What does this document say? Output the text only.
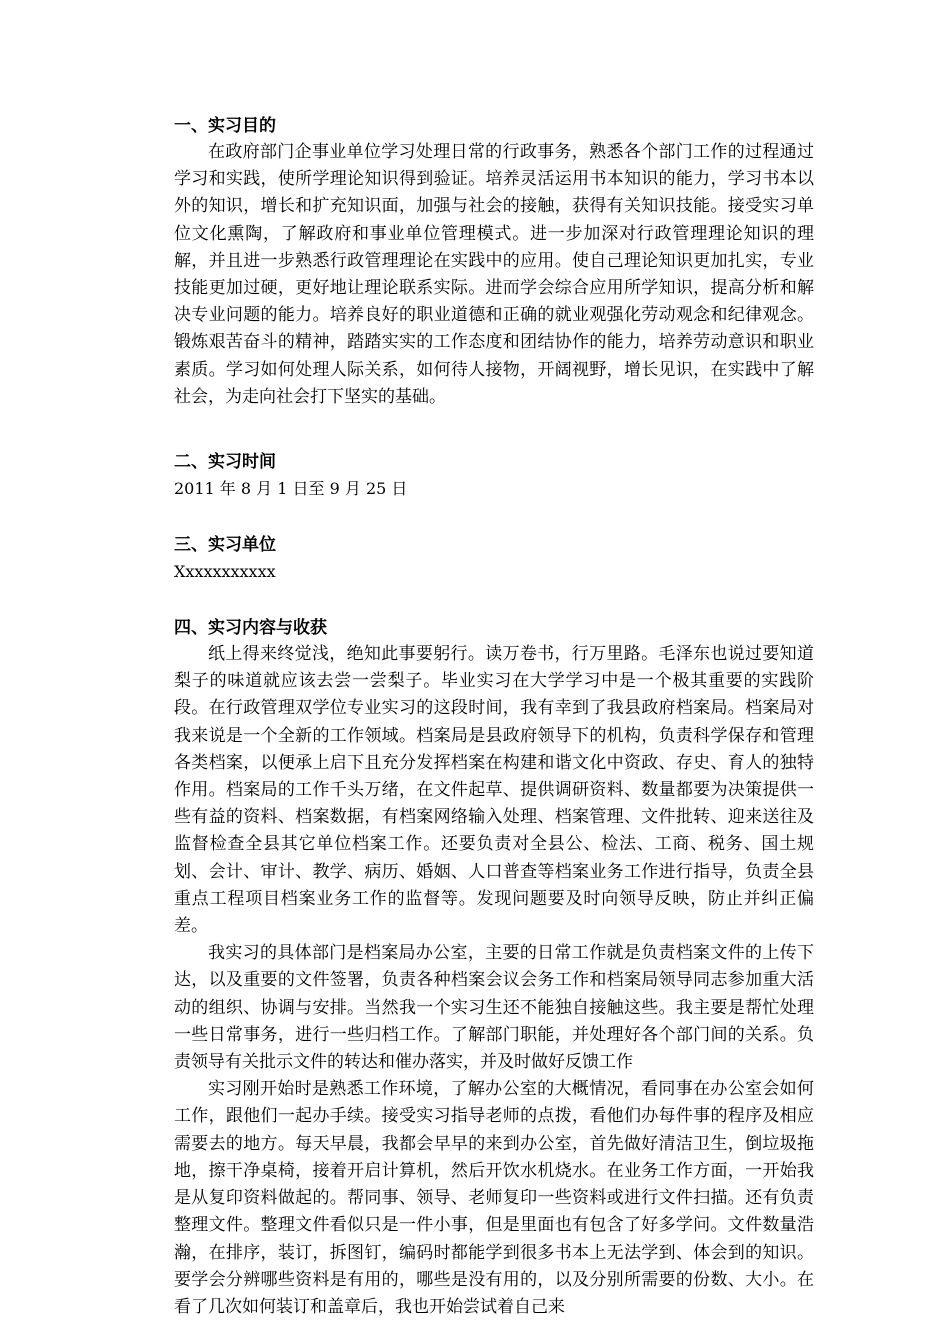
一、实习目的

在政府部门企事业单位学习处理日常的行政事务，熟悉各个部门工作的过程通过学习和实践，使所学理论知识得到验证。培养灵活运用书本知识的能力，学习书本以外的知识，增长和扩充知识面，加强与社会的接触，获得有关知识技能。接受实习单位文化熏陶，了解政府和事业单位管理模式。进一步加深对行政管理理论知识的理解，并且进一步熟悉行政管理理论在实践中的应用。使自己理论知识更加扎实，专业技能更加过硬，更好地让理论联系实际。进而学会综合应用所学知识，提高分析和解决专业问题的能力。培养良好的职业道德和正确的就业观强化劳动观念和纪律观念。锻炼艰苦奋斗的精神，踏踏实实的工作态度和团结协作的能力，培养劳动意识和职业素质。学习如何处理人际关系，如何待人接物，开阔视野，增长见识，在实践中了解社会，为走向社会打下坚实的基础。

二、实习时间

2011 年 8 月 1 日至 9 月 25 日

三、实习单位

Xxxxxxxxxxx

四、实习内容与收获

纸上得来终觉浅，绝知此事要躬行。读万卷书，行万里路。毛泽东也说过要知道梨子的味道就应该去尝一尝梨子。毕业实习在大学学习中是一个极其重要的实践阶段。在行政管理双学位专业实习的这段时间，我有幸到了我县政府档案局。档案局对我来说是一个全新的工作领域。档案局是县政府领导下的机构，负责科学保存和管理各类档案，以便承上启下且充分发挥档案在构建和谐文化中资政、存史、育人的独特作用。档案局的工作千头万绪，在文件起草、提供调研资料、数量都要为决策提供一些有益的资料、档案数据，有档案网络输入处理、档案管理、文件批转、迎来送往及监督检查全县其它单位档案工作。还要负责对全县公、检法、工商、税务、国土规划、会计、审计、教学、病历、婚姻、人口普查等档案业务工作进行指导，负责全县重点工程项目档案业务工作的监督等。发现问题要及时向领导反映，防止并纠正偏差。

我实习的具体部门是档案局办公室，主要的日常工作就是负责档案文件的上传下达，以及重要的文件签署，负责各种档案会议会务工作和档案局领导同志参加重大活动的组织、协调与安排。当然我一个实习生还不能独自接触这些。我主要是帮忙处理一些日常事务，进行一些归档工作。了解部门职能，并处理好各个部门间的关系。负责领导有关批示文件的转达和催办落实，并及时做好反馈工作

实习刚开始时是熟悉工作环境，了解办公室的大概情况，看同事在办公室会如何工作，跟他们一起办手续。接受实习指导老师的点拨，看他们办每件事的程序及相应需要去的地方。每天早晨，我都会早早的来到办公室，首先做好清洁卫生，倒垃圾拖地，擦干净桌椅，接着开启计算机，然后开饮水机烧水。在业务工作方面，一开始我是从复印资料做起的。帮同事、领导、老师复印一些资料或进行文件扫描。还有负责整理文件。整理文件看似只是一件小事，但是里面也有包含了好多学问。文件数量浩瀚，在排序，装订，拆图钉，编码时都能学到很多书本上无法学到、体会到的知识。要学会分辨哪些资料是有用的，哪些是没有用的，以及分别所需要的份数、大小。在看了几次如何装订和盖章后，我也开始尝试着自己来
